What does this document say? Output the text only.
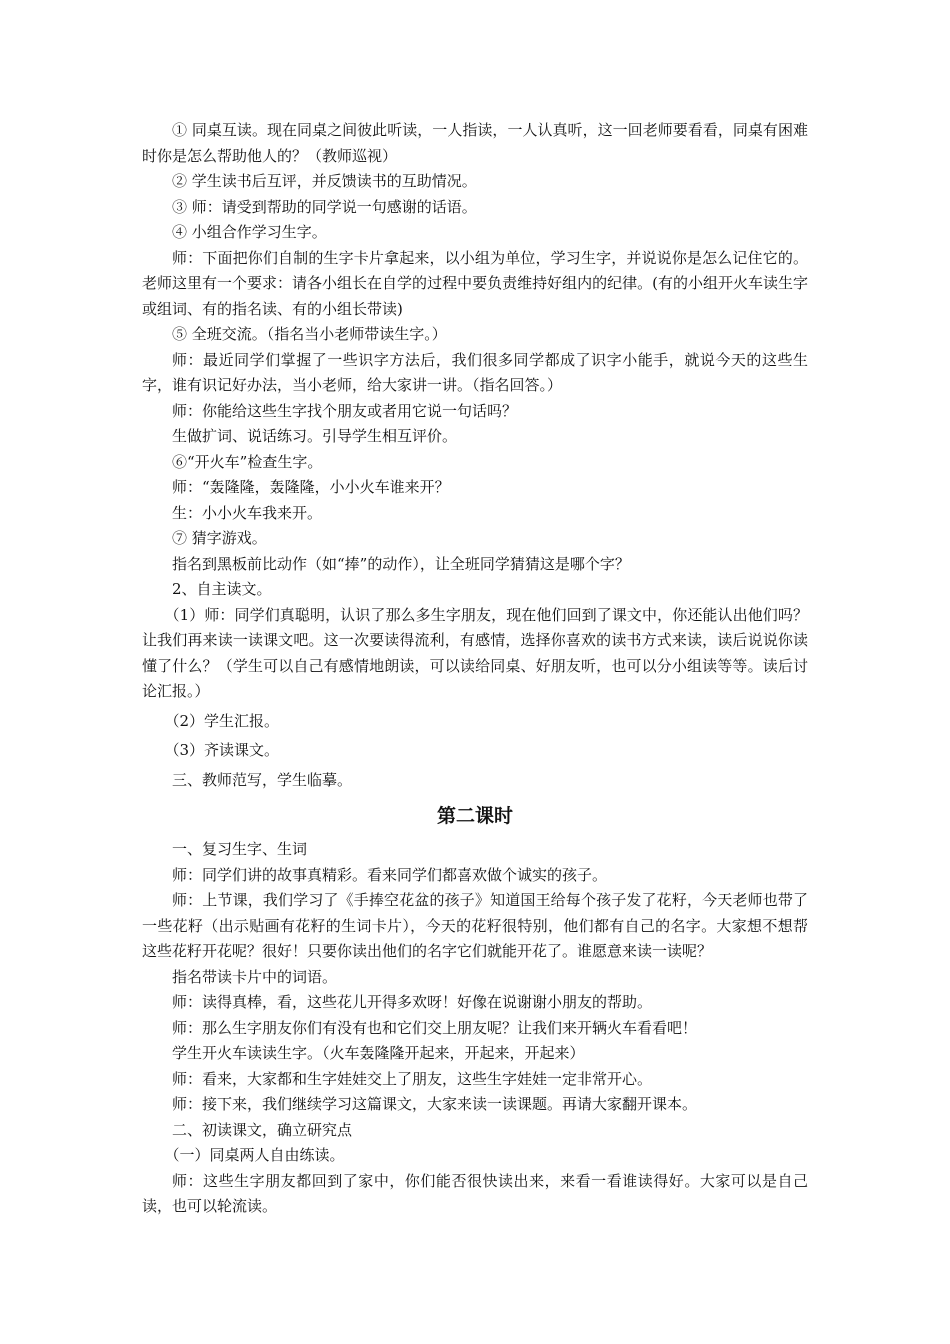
① 同桌互读。现在同桌之间彼此听读，一人指读，一人认真听，这一回老师要看看，同桌有困难时你是怎么帮助他人的？（教师巡视）

② 学生读书后互评，并反馈读书的互助情况。

③ 师：请受到帮助的同学说一句感谢的话语。

④ 小组合作学习生字。

师：下面把你们自制的生字卡片拿起来，以小组为单位，学习生字，并说说你是怎么记住它的。老师这里有一个要求：请各小组长在自学的过程中要负责维持好组内的纪律。(有的小组开火车读生字或组词、有的指名读、有的小组长带读)

⑤ 全班交流。（指名当小老师带读生字。）

师：最近同学们掌握了一些识字方法后，我们很多同学都成了识字小能手，就说今天的这些生字，谁有识记好办法，当小老师，给大家讲一讲。（指名回答。）

师：你能给这些生字找个朋友或者用它说一句话吗？

生做扩词、说话练习。引导学生相互评价。

⑥“开火车”检查生字。

师：“轰隆隆，轰隆隆，小小火车谁来开？

生：小小火车我来开。

⑦ 猜字游戏。

指名到黑板前比动作（如“捧”的动作），让全班同学猜猜这是哪个字？

2、自主读文。

（1）师：同学们真聪明，认识了那么多生字朋友，现在他们回到了课文中，你还能认出他们吗？让我们再来读一读课文吧。这一次要读得流利，有感情，选择你喜欢的读书方式来读，读后说说你读懂了什么？（学生可以自己有感情地朗读，可以读给同桌、好朋友听，也可以分小组读等等。读后讨论汇报。）

（2）学生汇报。

（3）齐读课文。

三、教师范写，学生临摹。

第二课时

一、复习生字、生词

师：同学们讲的故事真精彩。看来同学们都喜欢做个诚实的孩子。

师：上节课，我们学习了《手捧空花盆的孩子》知道国王给每个孩子发了花籽，今天老师也带了一些花籽（出示贴画有花籽的生词卡片），今天的花籽很特别，他们都有自己的名字。大家想不想帮这些花籽开花呢？很好！只要你读出他们的名字它们就能开花了。谁愿意来读一读呢？

指名带读卡片中的词语。

师：读得真棒，看，这些花儿开得多欢呀！好像在说谢谢小朋友的帮助。

师：那么生字朋友你们有没有也和它们交上朋友呢？让我们来开辆火车看看吧！

学生开火车读读生字。（火车轰隆隆开起来，开起来，开起来）

师：看来，大家都和生字娃娃交上了朋友，这些生字娃娃一定非常开心。

师：接下来，我们继续学习这篇课文，大家来读一读课题。再请大家翻开课本。

二、初读课文，确立研究点

（一）同桌两人自由练读。

师：这些生字朋友都回到了家中，你们能否很快读出来，来看一看谁读得好。大家可以是自己读，也可以轮流读。
